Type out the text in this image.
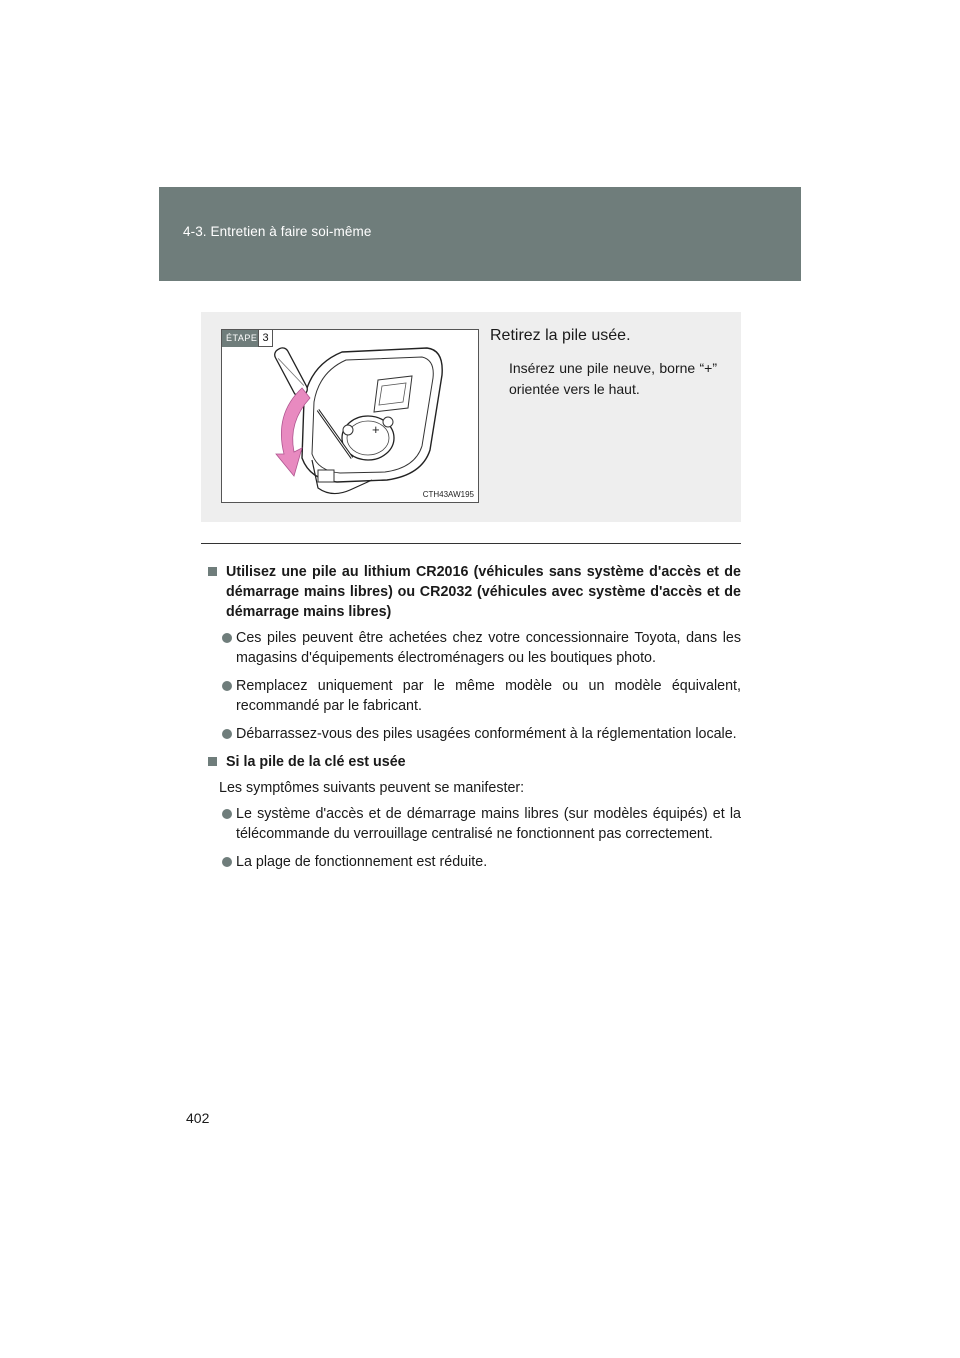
4-3. Entretien à faire soi-même
+
ÉTAPE 3
CTH43AW195
Retirez la pile usée.
Insérez une pile neuve, borne “+” orientée vers le haut.
Utilisez une pile au lithium CR2016 (véhicules sans système d'accès et de démarrage mains libres) ou CR2032 (véhicules avec système d'accès et de démarrage mains libres)
Ces piles peuvent être achetées chez votre concessionnaire Toyota, dans les magasins d'équipements électroménagers ou les boutiques photo.
Remplacez uniquement par le même modèle ou un modèle équivalent, recommandé par le fabricant.
Débarrassez-vous des piles usagées conformément à la réglementation locale.
Si la pile de la clé est usée
Les symptômes suivants peuvent se manifester:
Le système d'accès et de démarrage mains libres (sur modèles équipés) et la télécommande du verrouillage centralisé ne fonctionnent pas correctement.
La plage de fonctionnement est réduite.
402
